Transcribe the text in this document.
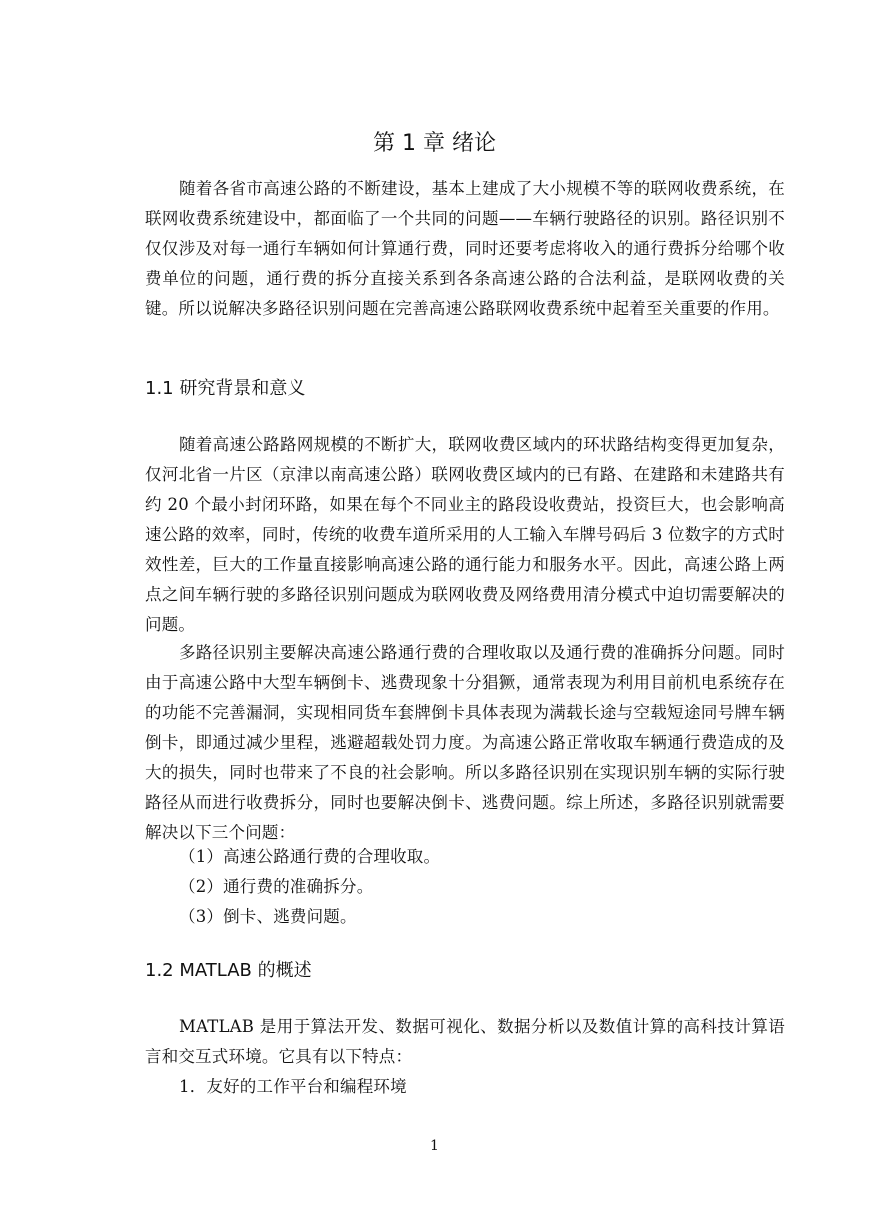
第 1 章 绪论

随着各省市高速公路的不断建设，基本上建成了大小规模不等的联网收费系统，在联网收费系统建设中，都面临了一个共同的问题——车辆行驶路径的识别。路径识别不仅仅涉及对每一通行车辆如何计算通行费，同时还要考虑将收入的通行费拆分给哪个收费单位的问题，通行费的拆分直接关系到各条高速公路的合法利益，是联网收费的关键。所以说解决多路径识别问题在完善高速公路联网收费系统中起着至关重要的作用。

1.1 研究背景和意义

随着高速公路路网规模的不断扩大，联网收费区域内的环状路结构变得更加复杂，仅河北省一片区（京津以南高速公路）联网收费区域内的已有路、在建路和未建路共有约 20 个最小封闭环路，如果在每个不同业主的路段设收费站，投资巨大，也会影响高速公路的效率，同时，传统的收费车道所采用的人工输入车牌号码后 3 位数字的方式时效性差，巨大的工作量直接影响高速公路的通行能力和服务水平。因此，高速公路上两点之间车辆行驶的多路径识别问题成为联网收费及网络费用清分模式中迫切需要解决的问题。

多路径识别主要解决高速公路通行费的合理收取以及通行费的准确拆分问题。同时由于高速公路中大型车辆倒卡、逃费现象十分猖獗，通常表现为利用目前机电系统存在的功能不完善漏洞，实现相同货车套牌倒卡具体表现为满载长途与空载短途同号牌车辆倒卡，即通过减少里程，逃避超载处罚力度。为高速公路正常收取车辆通行费造成的及大的损失，同时也带来了不良的社会影响。所以多路径识别在实现识别车辆的实际行驶路径从而进行收费拆分，同时也要解决倒卡、逃费问题。综上所述，多路径识别就需要解决以下三个问题：

（1）高速公路通行费的合理收取。

（2）通行费的准确拆分。

（3）倒卡、逃费问题。

1.2 MATLAB 的概述

MATLAB 是用于算法开发、数据可视化、数据分析以及数值计算的高科技计算语言和交互式环境。它具有以下特点：

1．友好的工作平台和编程环境

1
